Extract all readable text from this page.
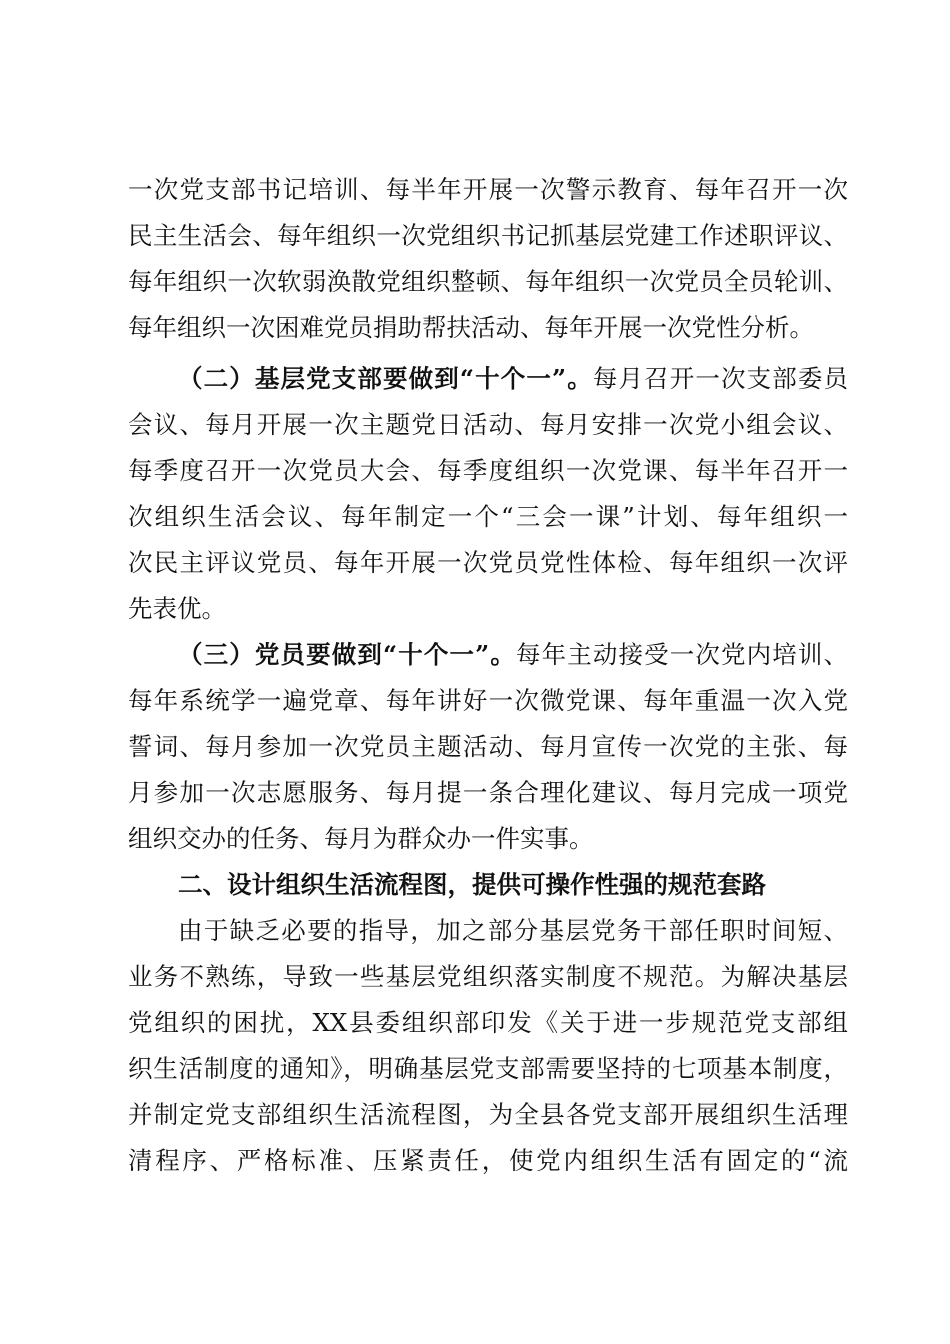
一次党支部书记培训、每半年开展一次警示教育、每年召开一次
民主生活会、每年组织一次党组织书记抓基层党建工作述职评议、
每年组织一次软弱涣散党组织整顿、每年组织一次党员全员轮训、
每年组织一次困难党员捐助帮扶活动、每年开展一次党性分析。
（二）基层党支部要做到“十个一”。每月召开一次支部委员
会议、每月开展一次主题党日活动、每月安排一次党小组会议、
每季度召开一次党员大会、每季度组织一次党课、每半年召开一
次组织生活会议、每年制定一个“三会一课”计划、每年组织一
次民主评议党员、每年开展一次党员党性体检、每年组织一次评
先表优。
（三）党员要做到“十个一”。每年主动接受一次党内培训、
每年系统学一遍党章、每年讲好一次微党课、每年重温一次入党
誓词、每月参加一次党员主题活动、每月宣传一次党的主张、每
月参加一次志愿服务、每月提一条合理化建议、每月完成一项党
组织交办的任务、每月为群众办一件实事。
二、设计组织生活流程图，提供可操作性强的规范套路
由于缺乏必要的指导，加之部分基层党务干部任职时间短、
业务不熟练，导致一些基层党组织落实制度不规范。为解决基层
党组织的困扰，XX县委组织部印发《关于进一步规范党支部组
织生活制度的通知》，明确基层党支部需要坚持的七项基本制度，
并制定党支部组织生活流程图，为全县各党支部开展组织生活理
清程序、严格标准、压紧责任，使党内组织生活有固定的“流
